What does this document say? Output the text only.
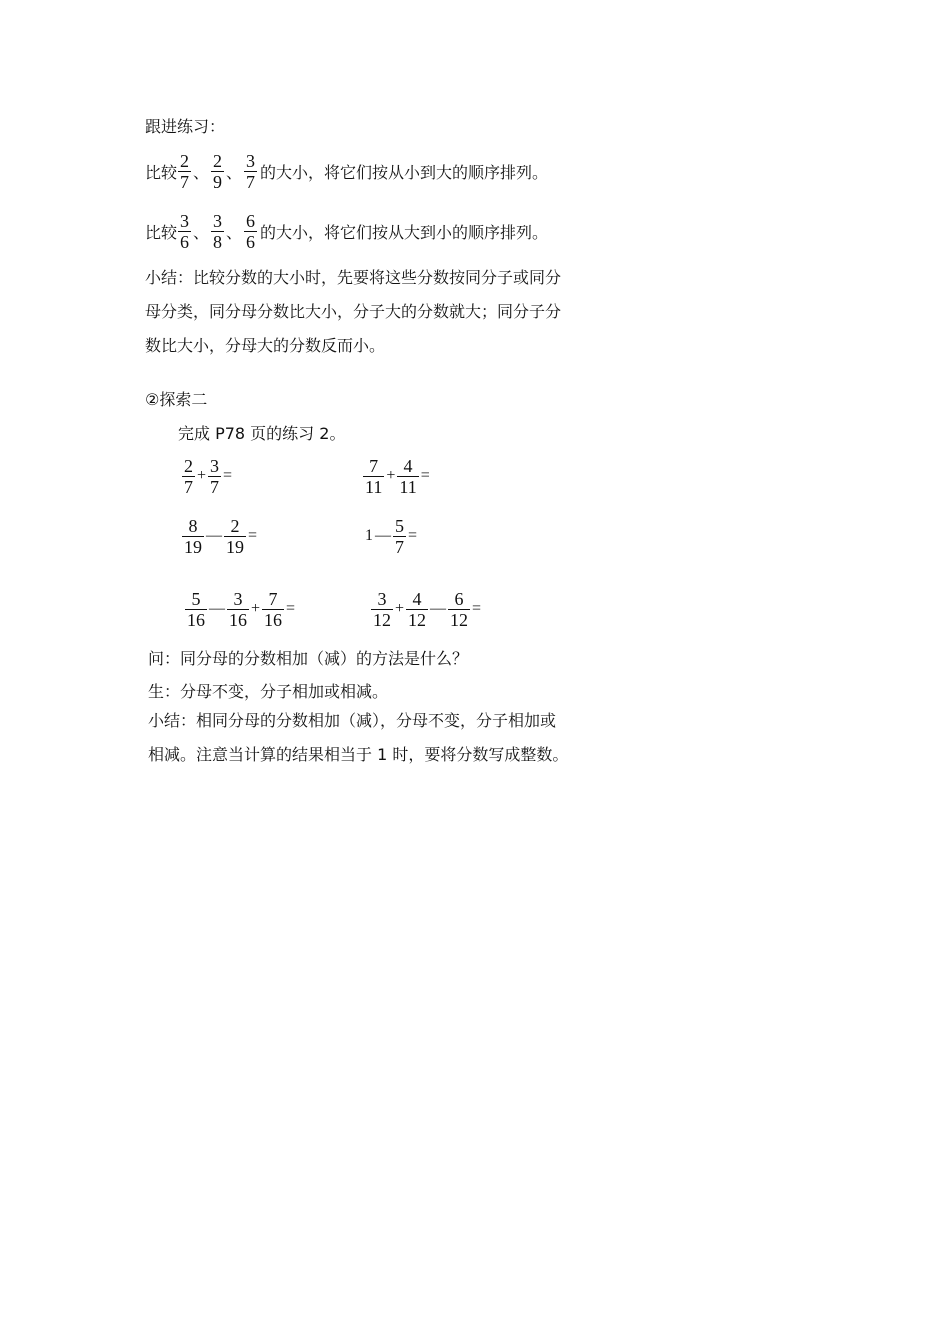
跟进练习：
比较 $\frac{2}{7}$ 、 $\frac{2}{9}$ 、 $\frac{3}{7}$ 的大小，将它们按从小到大的顺序排列。
比较 $\frac{3}{6}$ 、 $\frac{3}{8}$ 、 $\frac{6}{6}$ 的大小，将它们按从大到小的顺序排列。
小结：比较分数的大小时，先要将这些分数按同分子或同分母分类，同分母分数比大小，分子大的分数就大；同分子分数比大小，分母大的分数反而小。
②探索二
完成 P78 页的练习 2。
$\frac{2}{7} + \frac{3}{7}$ =	$\frac{7}{11} + \frac{4}{11}$ =
$\frac{8}{19}$ — $\frac{2}{19}$ =	1 — $\frac{5}{7}$ =
$\frac{5}{16}$ — $\frac{3}{16} + \frac{7}{16}$ =	$\frac{3}{12} + \frac{4}{12}$ — $\frac{6}{12}$ =
问：同分母的分数相加（减）的方法是什么？
生：分母不变，分子相加或相减。
小结：相同分母的分数相加（减），分母不变，分子相加或相减。注意当计算的结果相当于 1 时，要将分数写成整数。
